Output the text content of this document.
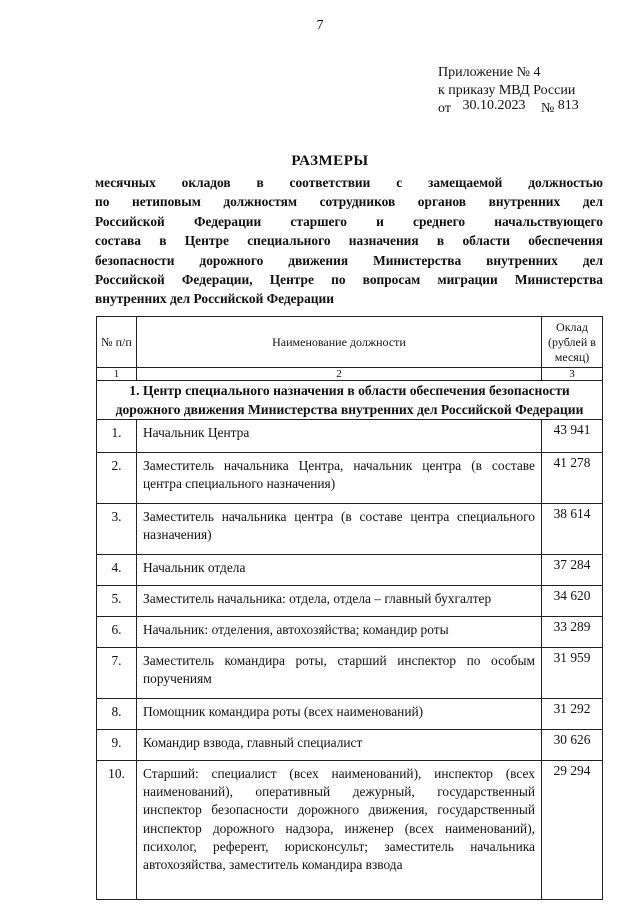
7
Приложение № 4
к приказу МВД России
от 30.10.2023 № 813
РАЗМЕРЫ
месячных окладов в соответствии с замещаемой должностью
по нетиповым должностям сотрудников органов внутренних дел
Российской Федерации старшего и среднего начальствующего
состава в Центре специального назначения в области обеспечения
безопасности дорожного движения Министерства внутренних дел
Российской Федерации, Центре по вопросам миграции Министерства
внутренних дел Российской Федерации
№ п/п	Наименование должности	Оклад (рублей в месяц)
1	2	3
1. Центр специального назначения в области обеспечения безопасности дорожного движения Министерства внутренних дел Российской Федерации		
1.	Начальник Центра	43 941
2.	Заместитель начальника Центра, начальник центра (в составе центра специального назначения)	41 278
3.	Заместитель начальника центра (в составе центра специального назначения)	38 614
4.	Начальник отдела	37 284
5.	Заместитель начальника: отдела, отдела – главный бухгалтер	34 620
6.	Начальник: отделения, автохозяйства; командир роты	33 289
7.	Заместитель командира роты, старший инспектор по особым поручениям	31 959
8.	Помощник командира роты (всех наименований)	31 292
9.	Командир взвода, главный специалист	30 626
10.	Старший: специалист (всех наименований), инспектор (всех наименований), оперативный дежурный, государственный инспектор безопасности дорожного движения, государственный инспектор дорожного надзора, инженер (всех наименований), психолог, референт, юрисконсульт; заместитель начальника автохозяйства, заместитель командира взвода	29 294
